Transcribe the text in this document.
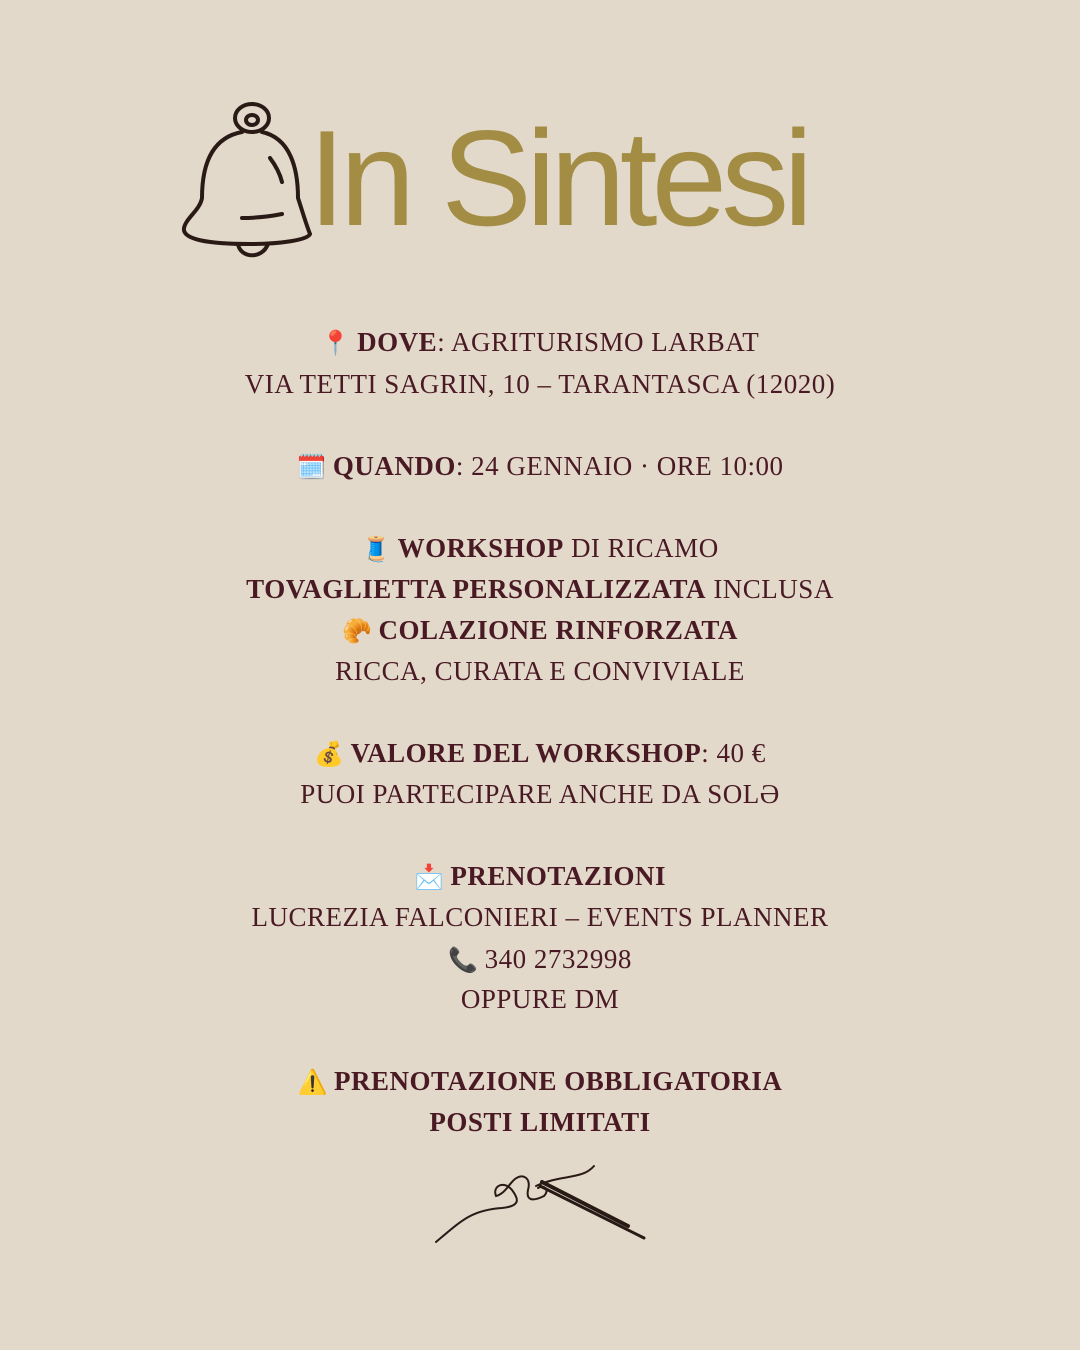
In Sintesi
📍 DOVE: AGRITURISMO LARBAT
VIA TETTI SAGRIN, 10 – TARANTASCA (12020)
🗓️ QUANDO: 24 GENNAIO · ORE 10:00
🧵 WORKSHOP DI RICAMO
TOVAGLIETTA PERSONALIZZATA INCLUSA
🥐 COLAZIONE RINFORZATA
RICCA, CURATA E CONVIVIALE
💰 VALORE DEL WORKSHOP: 40 €
PUOI PARTECIPARE ANCHE DA SOLƏ
📩 PRENOTAZIONI
LUCREZIA FALCONIERI – EVENTS PLANNER
📞 340 2732998
OPPURE DM
⚠️ PRENOTAZIONE OBBLIGATORIA
POSTI LIMITATI
